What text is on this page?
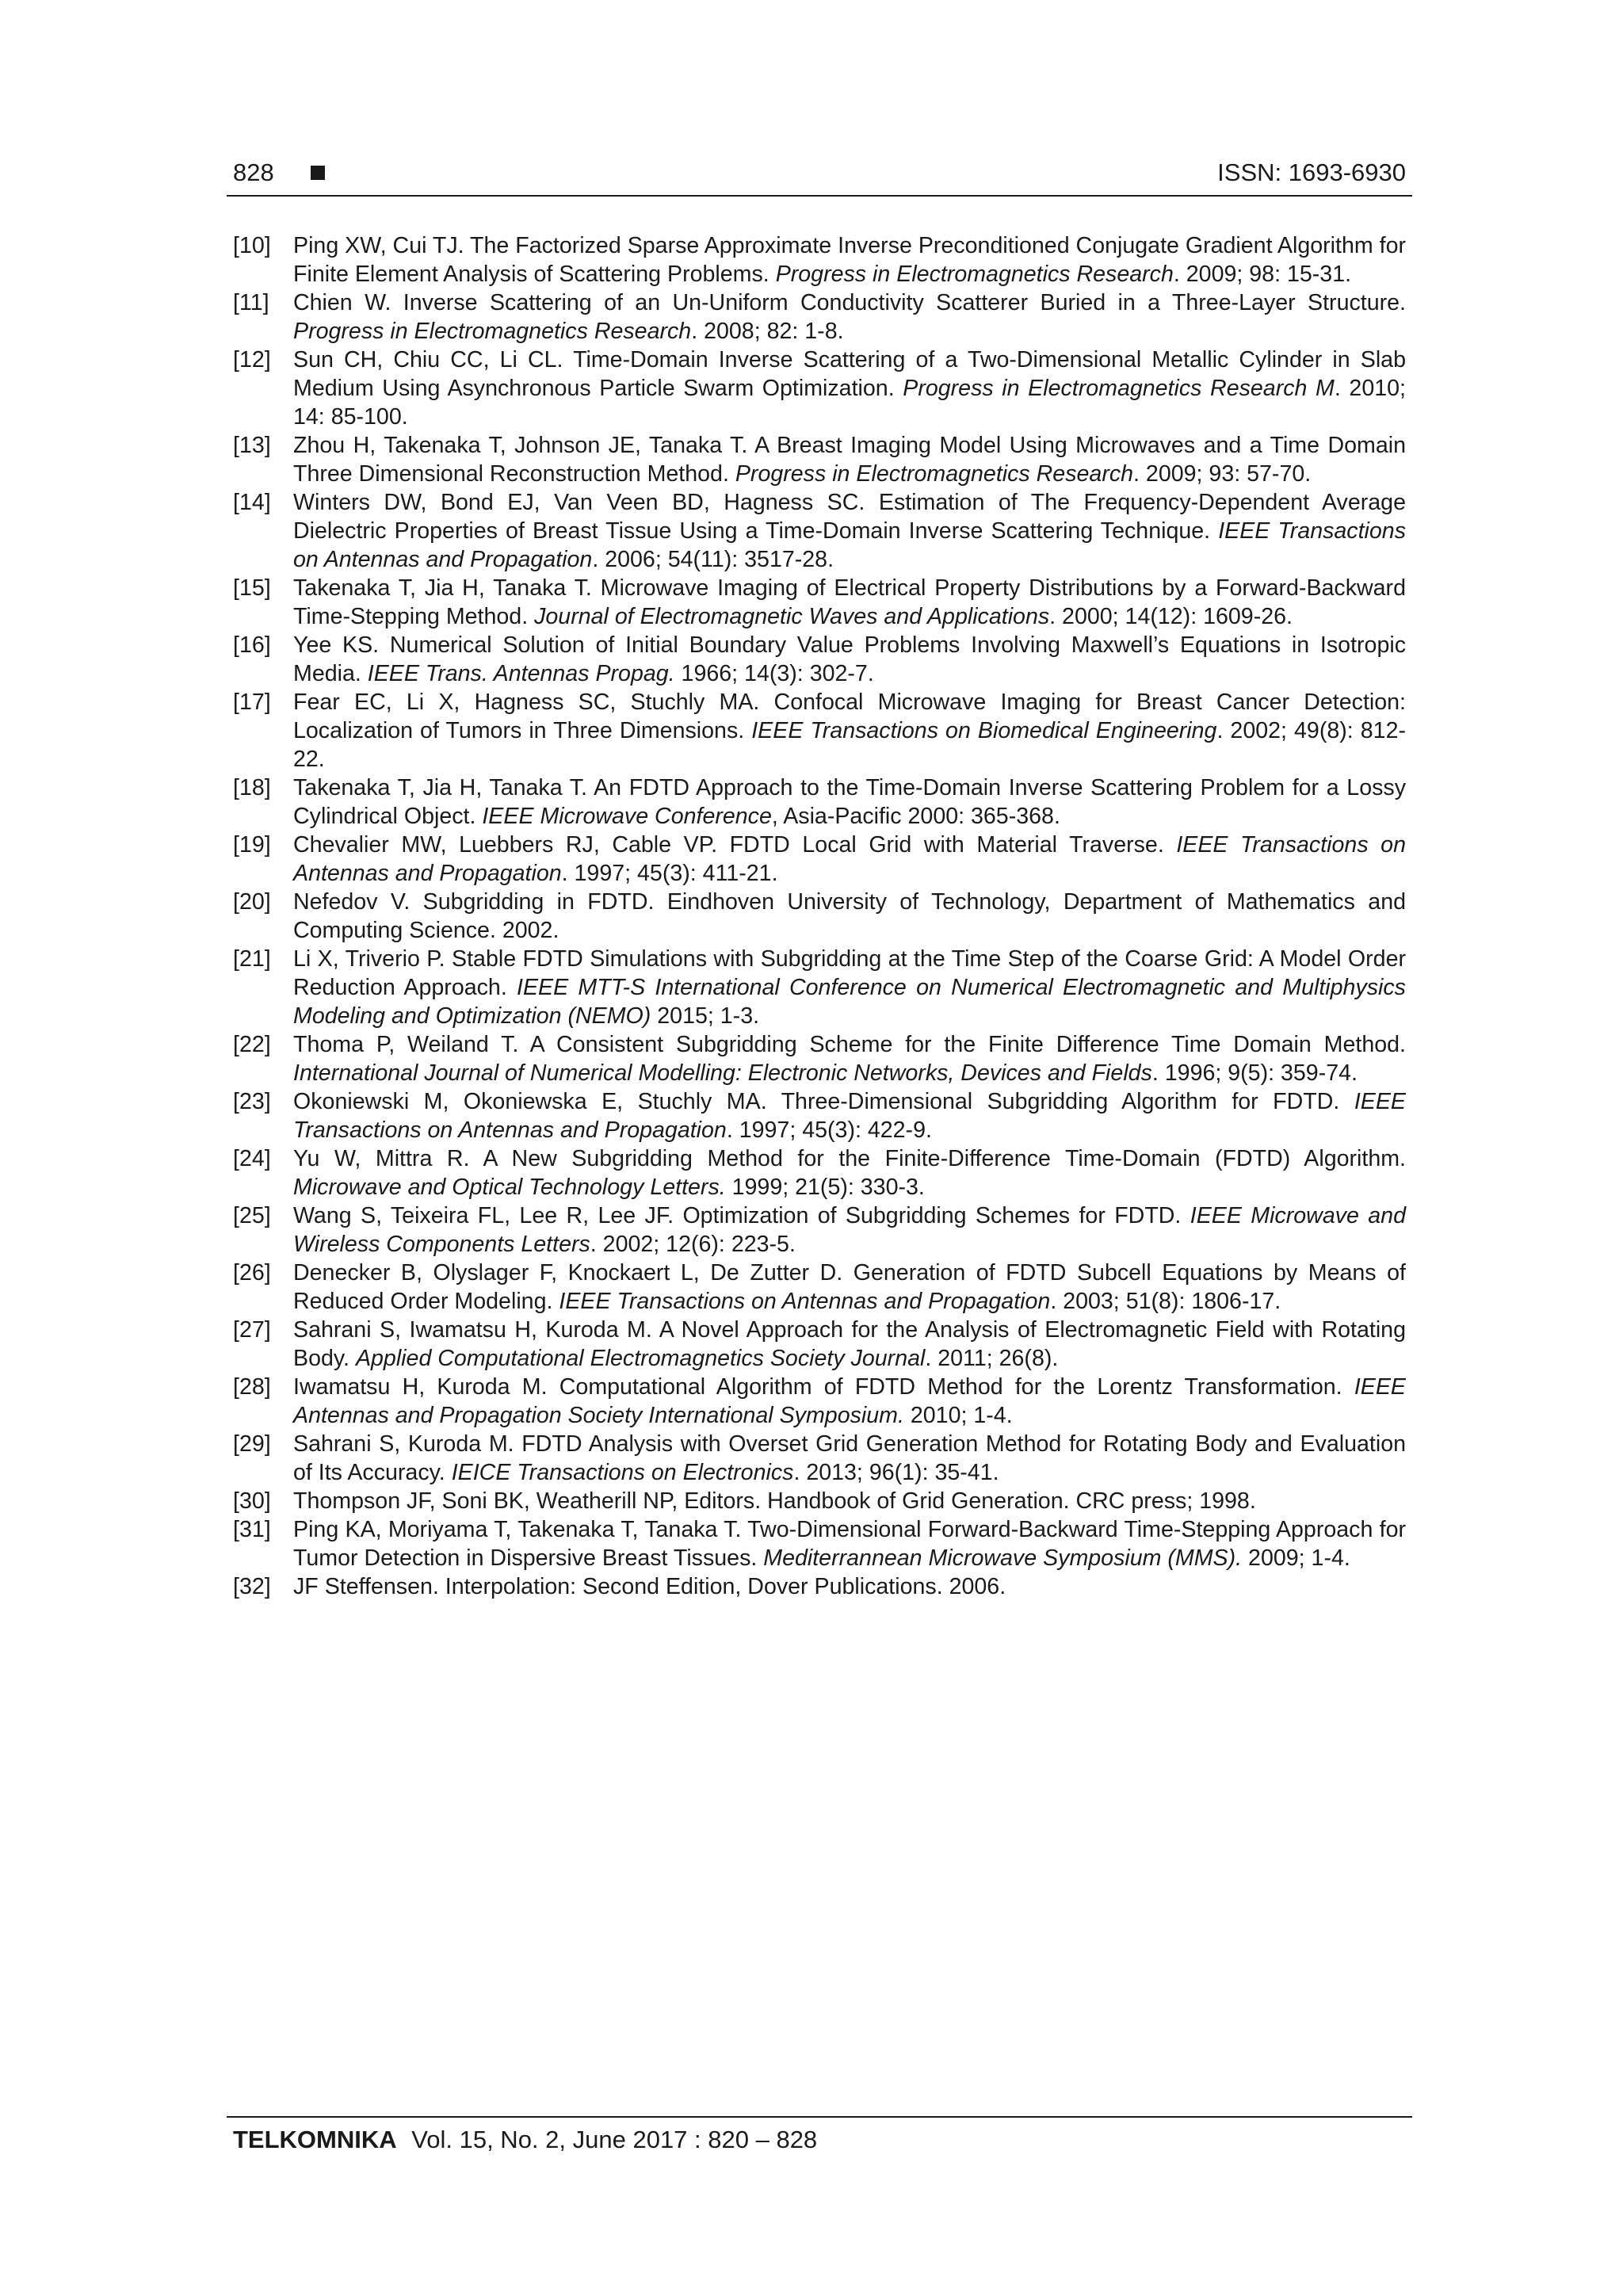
828	ISSN: 1693-6930
[10] Ping XW, Cui TJ. The Factorized Sparse Approximate Inverse Preconditioned Conjugate Gradient Algorithm for Finite Element Analysis of Scattering Problems. Progress in Electromagnetics Research. 2009; 98: 15-31.
[11]	Chien W. Inverse Scattering of an Un-Uniform Conductivity Scatterer Buried in a Three-Layer Structure. Progress in Electromagnetics Research. 2008; 82: 1-8.
[12] Sun CH, Chiu CC, Li CL. Time-Domain Inverse Scattering of a Two-Dimensional Metallic Cylinder in Slab Medium Using Asynchronous Particle Swarm Optimization. Progress in Electromagnetics Research M. 2010; 14: 85-100.
[13] Zhou H, Takenaka T, Johnson JE, Tanaka T. A Breast Imaging Model Using Microwaves and a Time Domain Three Dimensional Reconstruction Method. Progress in Electromagnetics Research. 2009; 93: 57-70.
[14] Winters DW, Bond EJ, Van Veen BD, Hagness SC. Estimation of The Frequency-Dependent Average Dielectric Properties of Breast Tissue Using a Time-Domain Inverse Scattering Technique. IEEE Transactions on Antennas and Propagation. 2006; 54(11): 3517-28.
[15] Takenaka T, Jia H, Tanaka T. Microwave Imaging of Electrical Property Distributions by a Forward-Backward Time-Stepping Method. Journal of Electromagnetic Waves and Applications. 2000; 14(12): 1609-26.
[16] Yee KS. Numerical Solution of Initial Boundary Value Problems Involving Maxwell’s Equations in Isotropic Media. IEEE Trans. Antennas Propag. 1966; 14(3): 302-7.
[17] Fear EC, Li X, Hagness SC, Stuchly MA. Confocal Microwave Imaging for Breast Cancer Detection: Localization of Tumors in Three Dimensions. IEEE Transactions on Biomedical Engineering. 2002; 49(8): 812-22.
[18] Takenaka T, Jia H, Tanaka T. An FDTD Approach to the Time-Domain Inverse Scattering Problem for a Lossy Cylindrical Object. IEEE Microwave Conference, Asia-Pacific 2000: 365-368.
[19] Chevalier MW, Luebbers RJ, Cable VP. FDTD Local Grid with Material Traverse. IEEE Transactions on Antennas and Propagation. 1997; 45(3): 411-21.
[20] Nefedov V. Subgridding in FDTD. Eindhoven University of Technology, Department of Mathematics and Computing Science. 2002.
[21] Li X, Triverio P. Stable FDTD Simulations with Subgridding at the Time Step of the Coarse Grid: A Model Order Reduction Approach. IEEE MTT-S International Conference on Numerical Electromagnetic and Multiphysics Modeling and Optimization (NEMO) 2015; 1-3.
[22] Thoma P, Weiland T. A Consistent Subgridding Scheme for the Finite Difference Time Domain Method. International Journal of Numerical Modelling: Electronic Networks, Devices and Fields. 1996; 9(5): 359-74.
[23] Okoniewski M, Okoniewska E, Stuchly MA. Three-Dimensional Subgridding Algorithm for FDTD. IEEE Transactions on Antennas and Propagation. 1997; 45(3): 422-9.
[24] Yu W, Mittra R. A New Subgridding Method for the Finite-Difference Time-Domain (FDTD) Algorithm. Microwave and Optical Technology Letters. 1999; 21(5): 330-3.
[25] Wang S, Teixeira FL, Lee R, Lee JF. Optimization of Subgridding Schemes for FDTD. IEEE Microwave and Wireless Components Letters. 2002; 12(6): 223-5.
[26] Denecker B, Olyslager F, Knockaert L, De Zutter D. Generation of FDTD Subcell Equations by Means of Reduced Order Modeling. IEEE Transactions on Antennas and Propagation. 2003; 51(8): 1806-17.
[27] Sahrani S, Iwamatsu H, Kuroda M. A Novel Approach for the Analysis of Electromagnetic Field with Rotating Body. Applied Computational Electromagnetics Society Journal. 2011; 26(8).
[28] Iwamatsu H, Kuroda M. Computational Algorithm of FDTD Method for the Lorentz Transformation. IEEE Antennas and Propagation Society International Symposium. 2010; 1-4.
[29] Sahrani S, Kuroda M. FDTD Analysis with Overset Grid Generation Method for Rotating Body and Evaluation of Its Accuracy. IEICE Transactions on Electronics. 2013; 96(1): 35-41.
[30] Thompson JF, Soni BK, Weatherill NP, Editors. Handbook of Grid Generation. CRC press; 1998.
[31] Ping KA, Moriyama T, Takenaka T, Tanaka T. Two-Dimensional Forward-Backward Time-Stepping Approach for Tumor Detection in Dispersive Breast Tissues. Mediterrannean Microwave Symposium (MMS). 2009; 1-4.
[32] JF Steffensen. Interpolation: Second Edition, Dover Publications. 2006.
TELKOMNIKA Vol. 15, No. 2, June 2017 : 820 – 828
